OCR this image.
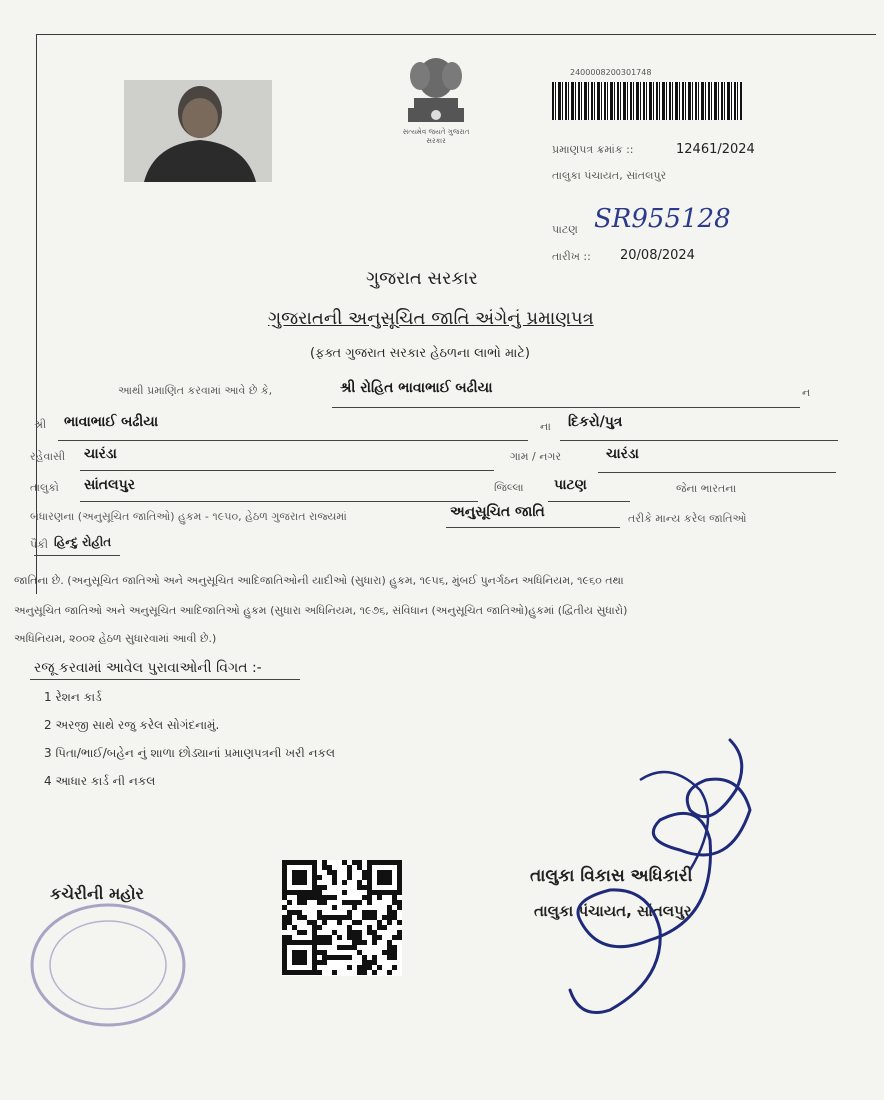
સત્યમેવ જયતે ગુજરાત સરકાર
2400008200301748
પ્રમાણપત્ર ક્રમાંક ::	12461/2024
તાલુકા પંચાયત, સાંતલપુર
પાટણ SR955128
તારીખ :: 20/08/2024
ગુજરાત સરકાર
ગુજરાતની અનુસૂચિત જાતિ અંગેનું પ્રમાણપત્ર
(ફક્ત ગુજરાત સરકાર હેઠળના લાભો માટે)
આથી પ્રમાણિત કરવામાં આવે છે કે,	શ્રી રોહિત ભાવાભાઈ બઢીયા	ન
શ્રી ભાવાભાઈ બઢીયા	ના દિકરો/પુત્ર
રહેવાસી ચારંડા	ગામ / નગર	ચારંડા
તાલુકો સાંતલપુર	જિલ્લા પાટણ	જેના ભારતના
બંધારણના (અનુસૂચિત જાતિઓ) હુકમ - ૧૯૫૦, હેઠળ ગુજરાત રાજ્યમાં	અનુસૂચિત જાતિ	તરીકે માન્ય કરેલ જાતિઓ
પૈકી હિન્દુ રોહીત
જાતિના છે. (અનુસૂચિત જાતિઓ અને અનુસૂચિત આદિજાતિઓની યાદીઓ (સુધારા) હુકમ, ૧૯૫૬, મુંબઈ પુનર્ગઠન અધિનિયમ, ૧૯૬૦ તથા
અનુસૂચિત જાતિઓ અને અનુસૂચિત આદિજાતિઓ હુકમ (સુધારા અધિનિયમ, ૧૯૭૬, સંવિધાન (અનુસૂચિત જાતિઓ)હુકમાં (દ્વિતીય સુધારો)
અધિનિયમ, ૨૦૦૨ હેઠળ સુધારવામાં આવી છે.)
રજૂ કરવામાં આવેલ પુરાવાઓની વિગત :-
1 રેશન કાર્ડ
2 અરજી સાથે રજુ કરેલ સોગંદનામું.
3 પિતા/ભાઈ/બહેન નું શાળા છોડ્યાનાં પ્રમાણપત્રની ખરી નકલ
4 આધાર કાર્ડ ની નકલ
કચેરીની મહોર
તાલુકા વિકાસ અધિકારી
તાલુકા પંચાયત, સાંતલપુર
